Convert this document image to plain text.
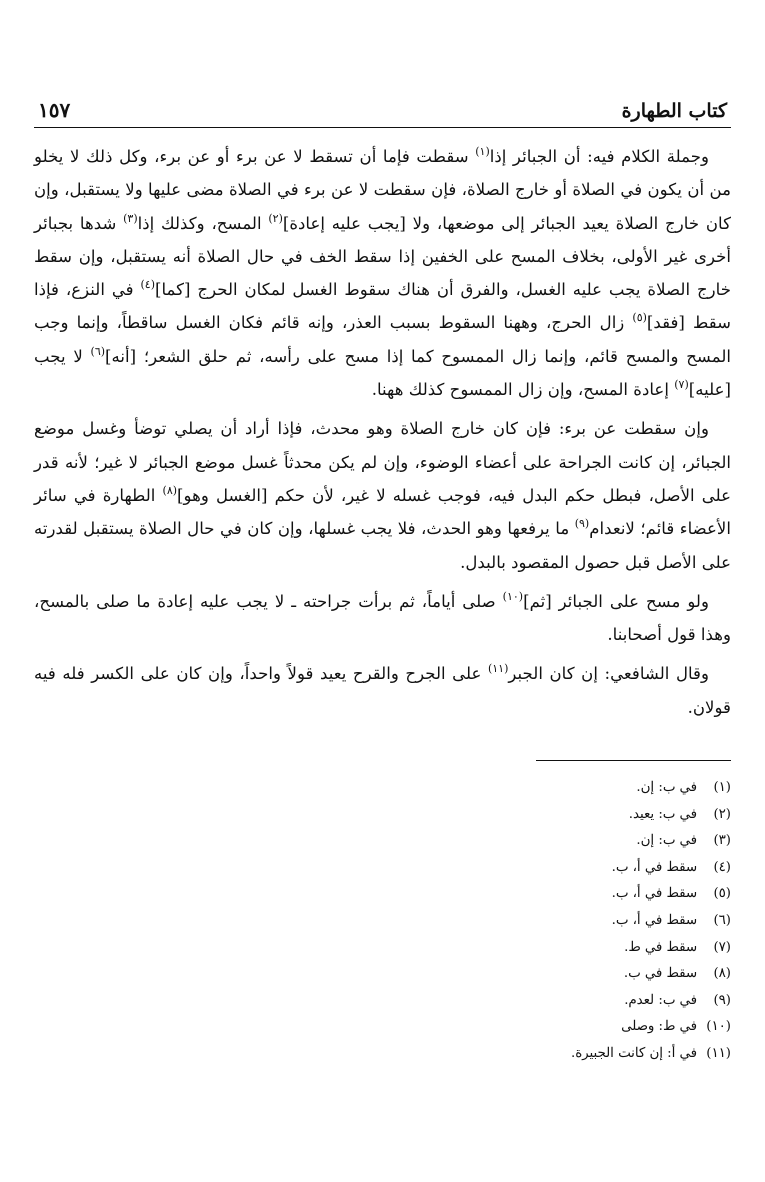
كتاب الطهارة
١٥٧

وجملة الكلام فيه: أن الجبائر إذا$^{(١)}$ سقطت فإما أن تسقط لا عن برء أو عن برء، وكل ذلك لا يخلو من أن يكون في الصلاة أو خارج الصلاة، فإن سقطت لا عن برء في الصلاة مضى عليها ولا يستقبل، وإن كان خارج الصلاة يعيد الجبائر إلى موضعها، ولا [يجب عليه إعادة]$^{(٢)}$ المسح، وكذلك إذا$^{(٣)}$ شدها بجبائر أخرى غير الأولى، بخلاف المسح على الخفين إذا سقط الخف في حال الصلاة أنه يستقبل، وإن سقط خارج الصلاة يجب عليه الغسل، والفرق أن هناك سقوط الغسل لمكان الحرج [كما]$^{(٤)}$ في النزع، فإذا سقط [فقد]$^{(٥)}$ زال الحرج، وههنا السقوط بسبب العذر، وإنه قائم فكان الغسل ساقطاً، وإنما وجب المسح والمسح قائم، وإنما زال الممسوح كما إذا مسح على رأسه، ثم حلق الشعر؛ [أنه]$^{(٦)}$ لا يجب [عليه]$^{(٧)}$ إعادة المسح، وإن زال الممسوح كذلك ههنا.

وإن سقطت عن برء: فإن كان خارج الصلاة وهو محدث، فإذا أراد أن يصلي توضأ وغسل موضع الجبائر، إن كانت الجراحة على أعضاء الوضوء، وإن لم يكن محدثاً غسل موضع الجبائر لا غير؛ لأنه قدر على الأصل، فبطل حكم البدل فيه، فوجب غسله لا غير، لأن حكم [الغسل وهو]$^{(٨)}$ الطهارة في سائر الأعضاء قائم؛ لانعدام$^{(٩)}$ ما يرفعها وهو الحدث، فلا يجب غسلها، وإن كان في حال الصلاة يستقبل لقدرته على الأصل قبل حصول المقصود بالبدل.

ولو مسح على الجبائر [ثم]$^{(١٠)}$ صلى أياماً، ثم برأت جراحته ـ لا يجب عليه إعادة ما صلى بالمسح، وهذا قول أصحابنا.

وقال الشافعي: إن كان الجبر$^{(١١)}$ على الجرح والقرح يعيد قولاً واحداً، وإن كان على الكسر فله فيه قولان.

(١)في ب: إن.
(٢)في ب: يعيد.
(٣)في ب: إن.
(٤)سقط في أ، ب.
(٥)سقط في أ، ب.
(٦)سقط في أ، ب.
(٧)سقط في ط.
(٨)سقط في ب.
(٩)في ب: لعدم.
(١٠)في ط: وصلى
(١١)في أ: إن كانت الجبيرة.
